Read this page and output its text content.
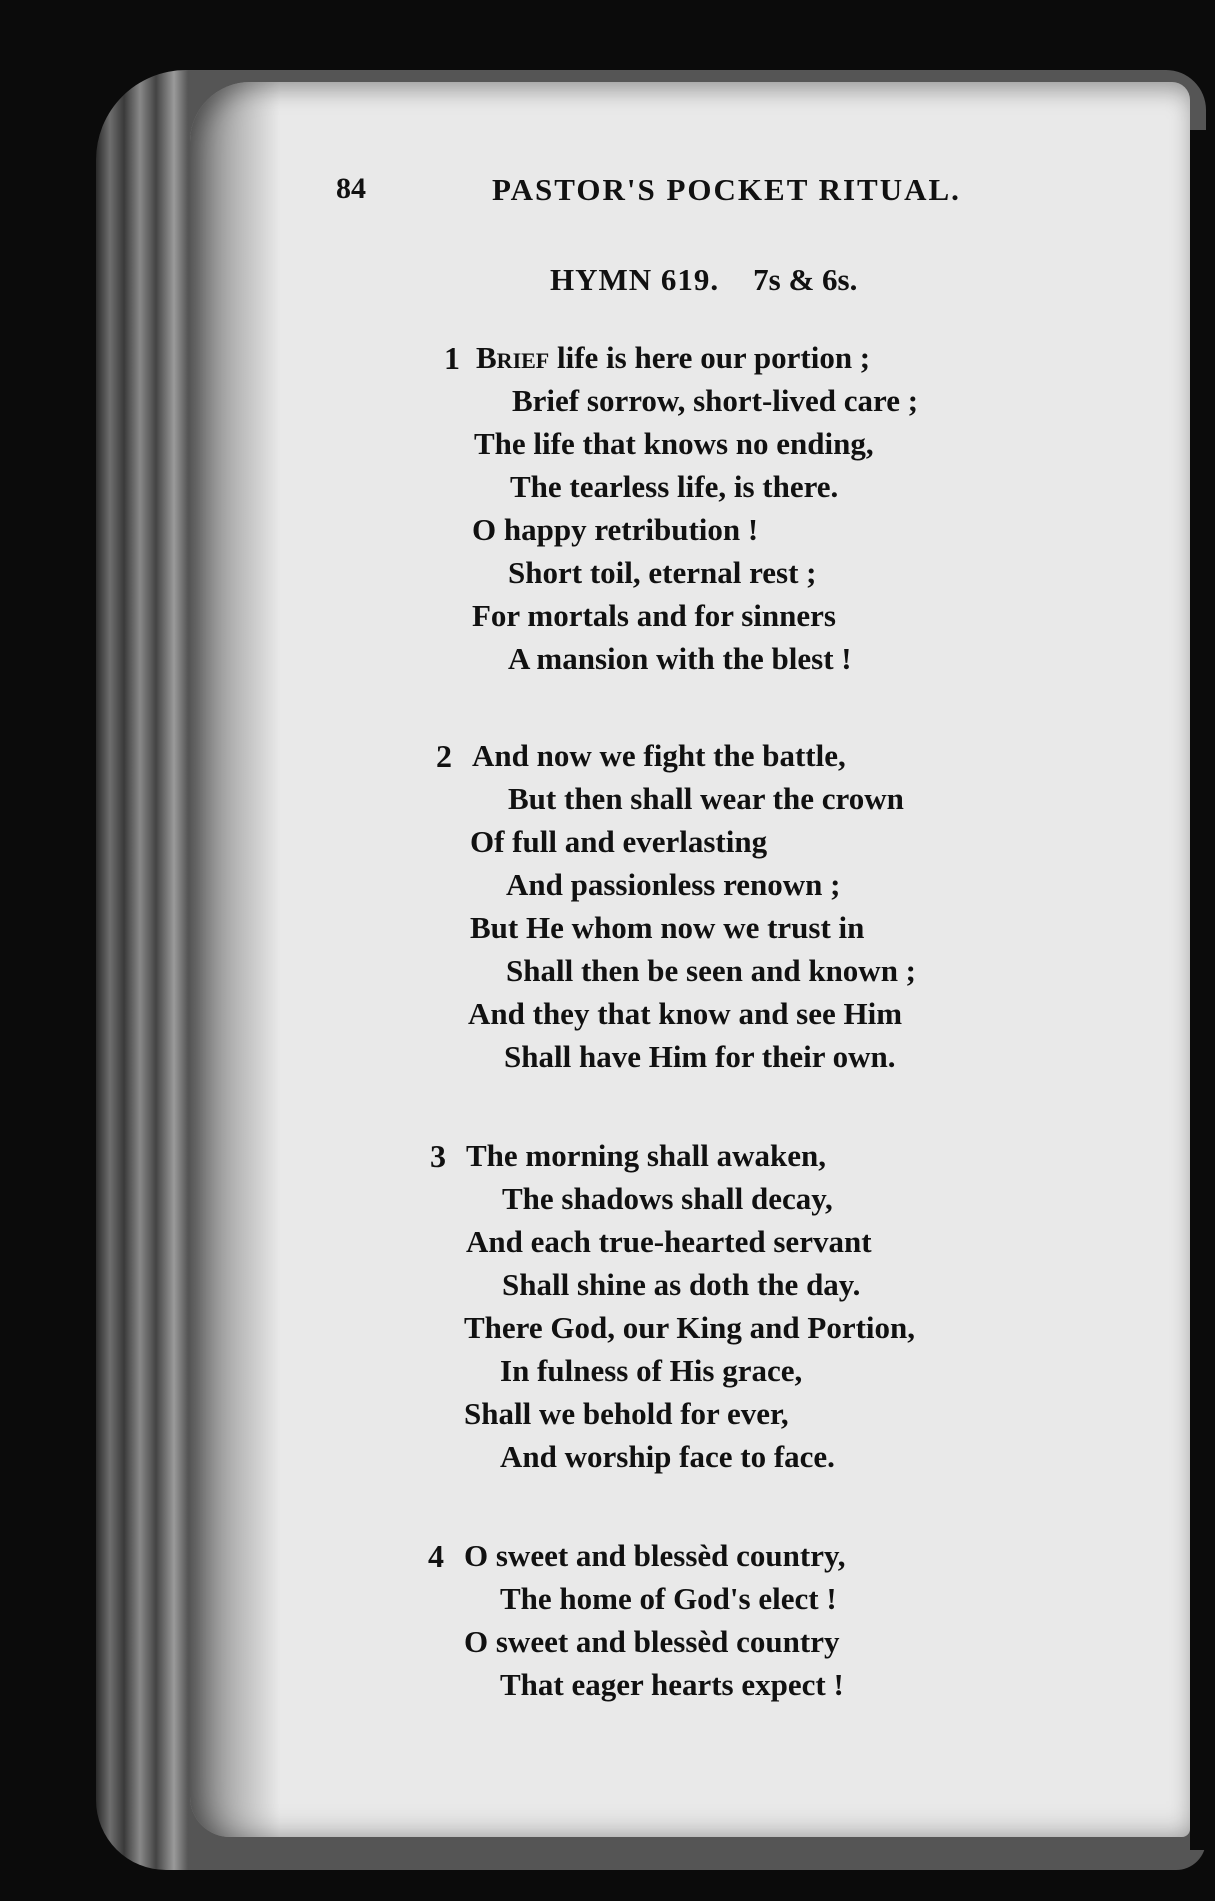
84	PASTOR'S POCKET RITUAL.

HYMN 619. 7s & 6s.

1 Brief life is here our portion ;
Brief sorrow, short-lived care ;
The life that knows no ending,
The tearless life, is there.
O happy retribution !
Short toil, eternal rest ;
For mortals and for sinners
A mansion with the blest !
2 And now we fight the battle,
But then shall wear the crown
Of full and everlasting
And passionless renown ;
But He whom now we trust in
Shall then be seen and known ;
And they that know and see Him
Shall have Him for their own.
3 The morning shall awaken,
The shadows shall decay,
And each true-hearted servant
Shall shine as doth the day.
There God, our King and Portion,
In fulness of His grace,
Shall we behold for ever,
And worship face to face.
4 O sweet and blessèd country,
The home of God's elect !
O sweet and blessèd country
That eager hearts expect !
